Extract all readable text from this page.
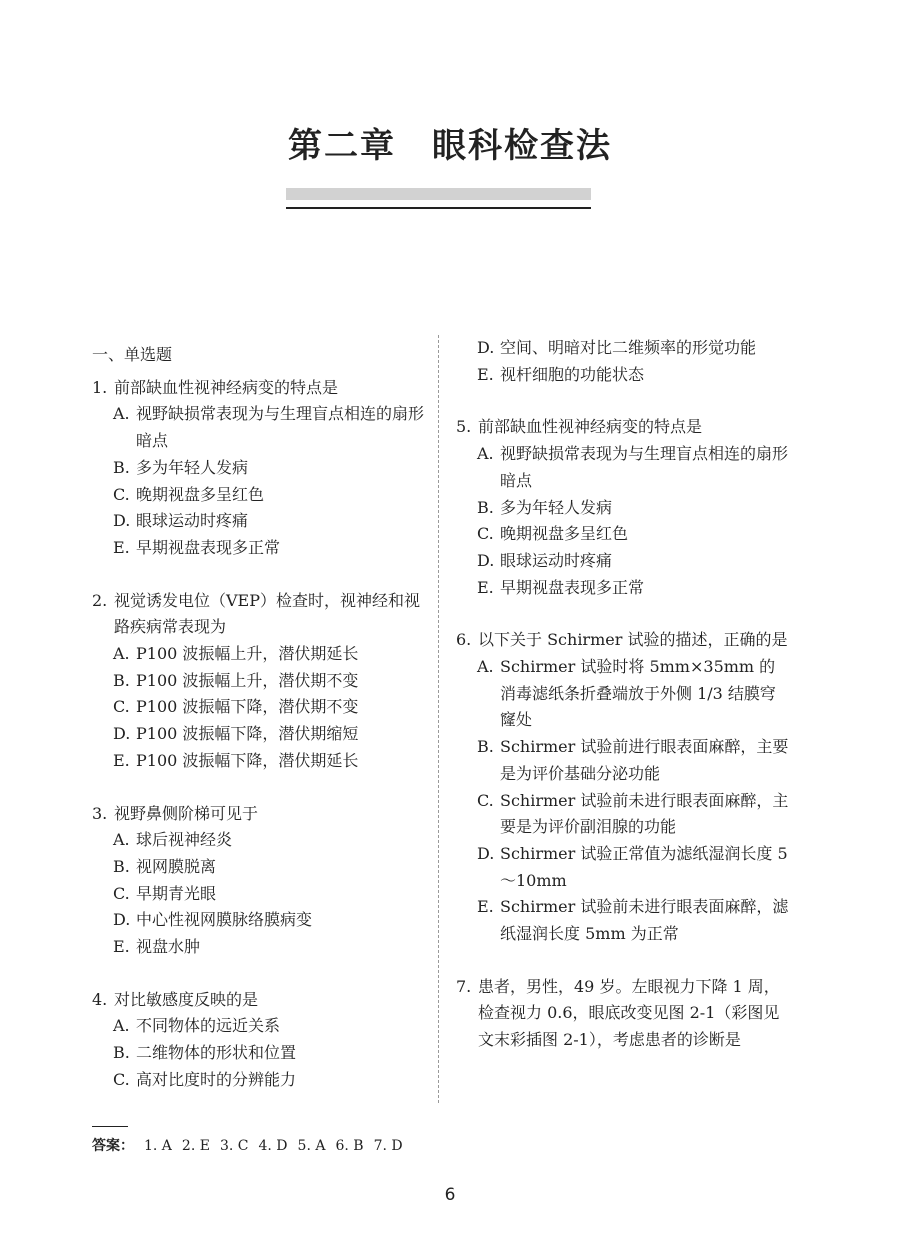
第二章　眼科检查法
一、单选题
1. 前部缺血性视神经病变的特点是
A. 视野缺损常表现为与生理盲点相连的扇形暗点
B. 多为年轻人发病
C. 晚期视盘多呈红色
D. 眼球运动时疼痛
E. 早期视盘表现多正常
2. 视觉诱发电位（VEP）检查时，视神经和视路疾病常表现为
A. P100 波振幅上升，潜伏期延长
B. P100 波振幅上升，潜伏期不变
C. P100 波振幅下降，潜伏期不变
D. P100 波振幅下降，潜伏期缩短
E. P100 波振幅下降，潜伏期延长
3. 视野鼻侧阶梯可见于
A. 球后视神经炎
B. 视网膜脱离
C. 早期青光眼
D. 中心性视网膜脉络膜病变
E. 视盘水肿
4. 对比敏感度反映的是
A. 不同物体的远近关系
B. 二维物体的形状和位置
C. 高对比度时的分辨能力
D. 空间、明暗对比二维频率的形觉功能
E. 视杆细胞的功能状态
5. 前部缺血性视神经病变的特点是
A. 视野缺损常表现为与生理盲点相连的扇形暗点
B. 多为年轻人发病
C. 晚期视盘多呈红色
D. 眼球运动时疼痛
E. 早期视盘表现多正常
6. 以下关于 Schirmer 试验的描述，正确的是
A. Schirmer 试验时将 5mm×35mm 的消毒滤纸条折叠端放于外侧 1/3 结膜穹窿处
B. Schirmer 试验前进行眼表面麻醉，主要是为评价基础分泌功能
C. Schirmer 试验前未进行眼表面麻醉，主要是为评价副泪腺的功能
D. Schirmer 试验正常值为滤纸湿润长度 5～10mm
E. Schirmer 试验前未进行眼表面麻醉，滤纸湿润长度 5mm 为正常
7. 患者，男性，49 岁。左眼视力下降 1 周，检查视力 0.6，眼底改变见图 2-1（彩图见文末彩插图 2-1），考虑患者的诊断是
答案： 1. A 2. E 3. C 4. D 5. A 6. B 7. D
6
